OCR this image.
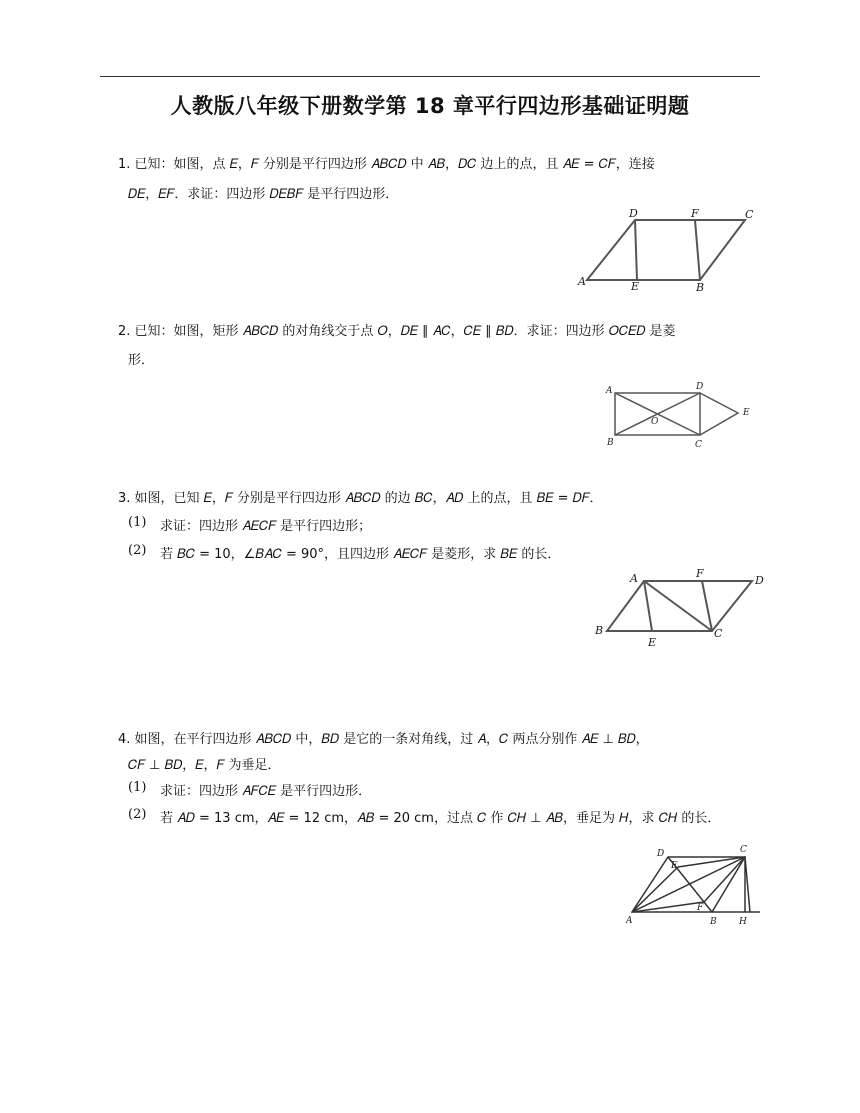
人教版八年级下册数学第 18 章平行四边形基础证明题
1. 已知：如图，点 𝐸，𝐹 分别是平行四边形 𝐴𝐵𝐶𝐷 中 𝐴𝐵，𝐷𝐶 边上的点，且 𝐴𝐸 = 𝐶𝐹，连接
𝐷𝐸，𝐸𝐹．求证：四边形 𝐷𝐸𝐵𝐹 是平行四边形．
D	F	C
A	E	B
2. 已知：如图，矩形 𝐴𝐵𝐶𝐷 的对角线交于点 𝑂，𝐷𝐸 ∥ 𝐴𝐶，𝐶𝐸 ∥ 𝐵𝐷．求证：四边形 𝑂𝐶𝐸𝐷 是菱
形．
A	D
E
O
B	C
3. 如图，已知 𝐸，𝐹 分别是平行四边形 𝐴𝐵𝐶𝐷 的边 𝐵𝐶，𝐴𝐷 上的点，且 𝐵𝐸 = 𝐷𝐹．
(1) 求证：四边形 𝐴𝐸𝐶𝐹 是平行四边形；
(2) 若 𝐵𝐶 = 10，∠𝐵𝐴𝐶 = 90°，且四边形 𝐴𝐸𝐶𝐹 是菱形，求 𝐵𝐸 的长．
A	F
D
B
E
C
4. 如图，在平行四边形 𝐴𝐵𝐶𝐷 中，𝐵𝐷 是它的一条对角线，过 𝐴，𝐶 两点分别作 𝐴𝐸 ⊥ 𝐵𝐷，
𝐶𝐹 ⊥ 𝐵𝐷，𝐸，𝐹 为垂足．
(1) 求证：四边形 𝐴𝐹𝐶𝐸 是平行四边形．
(2) 若 𝐴𝐷 = 13 cm，𝐴𝐸 = 12 cm，𝐴𝐵 = 20 cm，过点 𝐶 作 𝐶𝐻 ⊥ 𝐴𝐵，垂足为 𝐻，求 𝐶𝐻 的长．
D
E
C
F
A	B H
